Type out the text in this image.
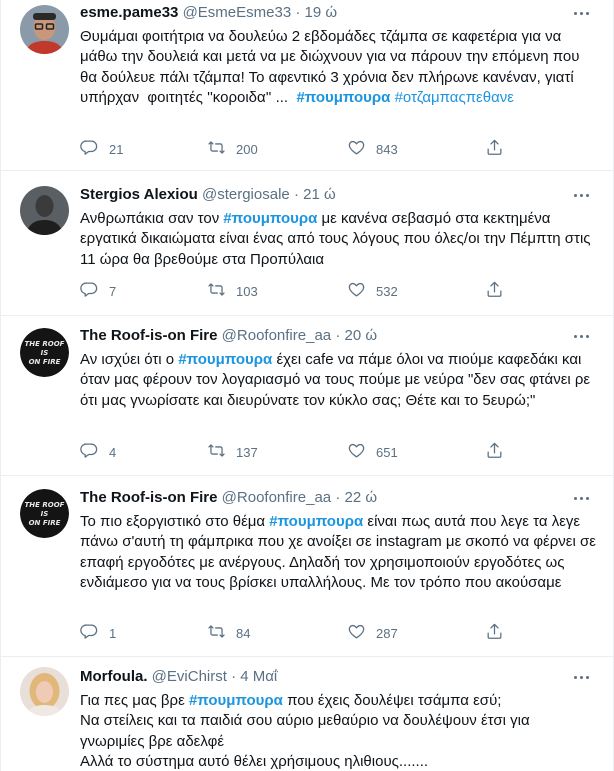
esme.pame33 @EsmeEsme33 · 19 ώ
Θυμάμαι φοιτήτρια να δουλεύω 2 εβδομάδες τζάμπα σε καφετέρια για να μάθω την δουλειά και μετά να με διώχνουν για να πάρουν την επόμενη που θα δούλευε πάλι τζάμπα! Το αφεντικό 3 χρόνια δεν πλήρωνε κανέναν, γιατί υπήρχαν  φοιτητές ''κοροιδα'' ...  #πουμπουρα #οτζαμπαςπεθανε
21	200	843
Stergios Alexiou @stergiosale · 21 ώ
Ανθρωπάκια σαν τον #πουμπουρα με κανένα σεβασμό στα κεκτημένα εργατικά δικαιώματα είναι ένας από τους λόγους που όλες/οι την Πέμπτη στις 11 ώρα θα βρεθούμε στα Προπύλαια
7	103	532
THE ROOF
IS
ON FIRE
The Roof-is-on Fire @Roofonfire_aa · 20 ώ
Αν ισχύει ότι ο #πουμπουρα έχει cafe να πάμε όλοι να πιούμε καφεδάκι και όταν μας φέρουν τον λογαριασμό να τους πούμε με νεύρα "δεν σας φτάνει ρε ότι μας γνωρίσατε και διευρύνατε τον κύκλο σας; Θέτε και το 5ευρώ;"
4	137	651
THE ROOF
IS
ON FIRE
The Roof-is-on Fire @Roofonfire_aa · 22 ώ
Το πιο εξοργιστικό στο θέμα #πουμπουρα είναι πως αυτά που λεγε τα λεγε πάνω σ'αυτή τη φάμπρικα που χε ανοίξει σε instagram με σκοπό να φέρνει σε επαφή εργοδότες με ανέργους. Δηλαδή τον χρησιμοποιούν εργοδότες ως ενδιάμεσο για να τους βρίσκει υπαλλήλους. Με τον τρόπο που ακούσαμε
1	84	287
Morfoula. @EviChirst · 4 Μαΐ
Για πες μας βρε #πουμπουρα που έχεις δουλέψει τσάμπα εσύ;
Να στείλεις και τα παιδιά σου αύριο μεθαύριο να δουλέψουν έτσι για γνωριμίες βρε αδελφέ
Αλλά το σύστημα αυτό θέλει χρήσιμους ηλιθιους.......
